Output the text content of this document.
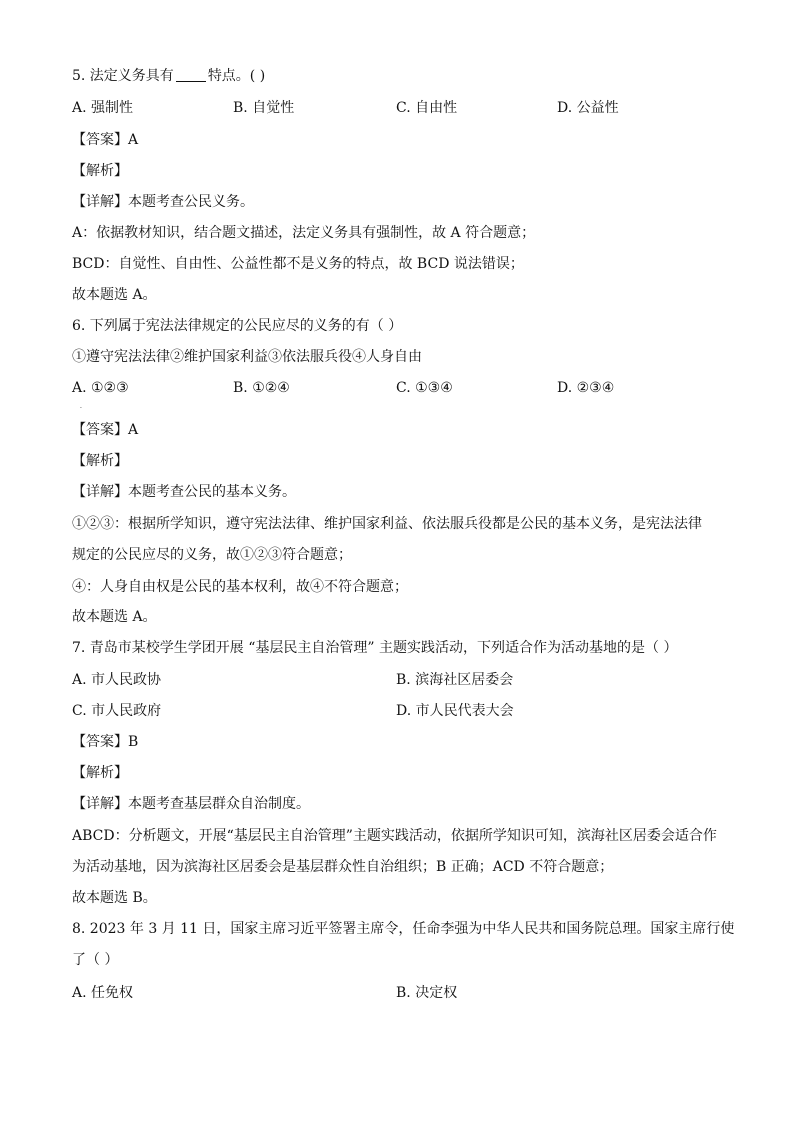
5. 法定义务具有 特点。( )
A. 强制性	B. 自觉性	C. 自由性	D. 公益性
【答案】A
【解析】
【详解】本题考查公民义务。
A：依据教材知识，结合题文描述，法定义务具有强制性，故 A 符合题意；
BCD：自觉性、自由性、公益性都不是义务的特点，故 BCD 说法错误；
故本题选 A。
6. 下列属于宪法法律规定的公民应尽的义务的有（ ）
①遵守宪法法律②维护国家利益③依法服兵役④人身自由
A. ①②③	B. ①②④	C. ①③④	D. ②③④
·
【答案】A
【解析】
【详解】本题考查公民的基本义务。
①②③：根据所学知识，遵守宪法法律、维护国家利益、依法服兵役都是公民的基本义务，是宪法法律
规定的公民应尽的义务，故①②③符合题意；
④：人身自由权是公民的基本权利，故④不符合题意；
故本题选 A。
7. 青岛市某校学生学团开展 “基层民主自治管理” 主题实践活动，下列适合作为活动基地的是（ ）
A. 市人民政协	B. 滨海社区居委会
C. 市人民政府	D. 市人民代表大会
【答案】B
【解析】
【详解】本题考查基层群众自治制度。
ABCD：分析题文，开展“基层民主自治管理”主题实践活动，依据所学知识可知，滨海社区居委会适合作
为活动基地，因为滨海社区居委会是基层群众性自治组织；B 正确；ACD 不符合题意；
故本题选 B。
8. 2023 年 3 月 11 日，国家主席习近平签署主席令，任命李强为中华人民共和国务院总理。国家主席行使
了（ ）
A. 任免权	B. 决定权
